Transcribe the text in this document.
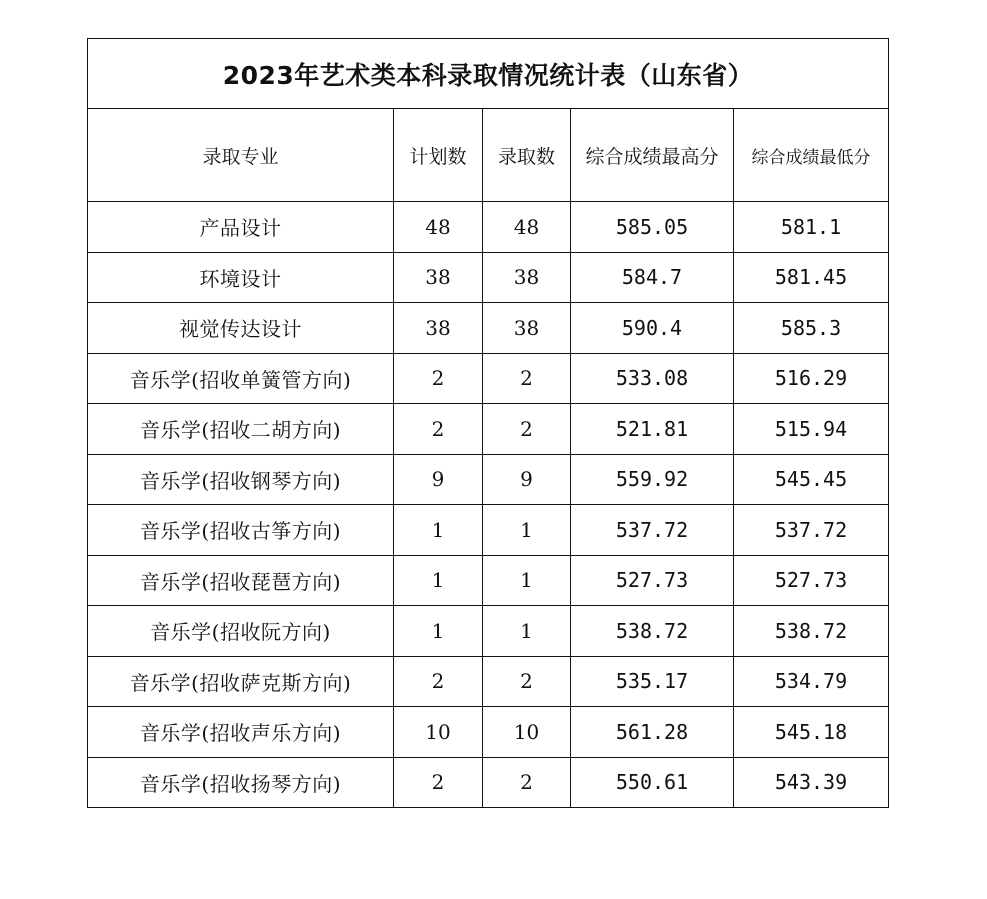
2023年艺术类本科录取情况统计表（山东省）				
录取专业	计划数	录取数	综合成绩最高分	综合成绩最低分
产品设计	48	48	585.05	581.1
环境设计	38	38	584.7	581.45
视觉传达设计	38	38	590.4	585.3
音乐学(招收单簧管方向)	2	2	533.08	516.29
音乐学(招收二胡方向)	2	2	521.81	515.94
音乐学(招收钢琴方向)	9	9	559.92	545.45
音乐学(招收古筝方向)	1	1	537.72	537.72
音乐学(招收琵琶方向)	1	1	527.73	527.73
音乐学(招收阮方向)	1	1	538.72	538.72
音乐学(招收萨克斯方向)	2	2	535.17	534.79
音乐学(招收声乐方向)	10	10	561.28	545.18
音乐学(招收扬琴方向)	2	2	550.61	543.39
